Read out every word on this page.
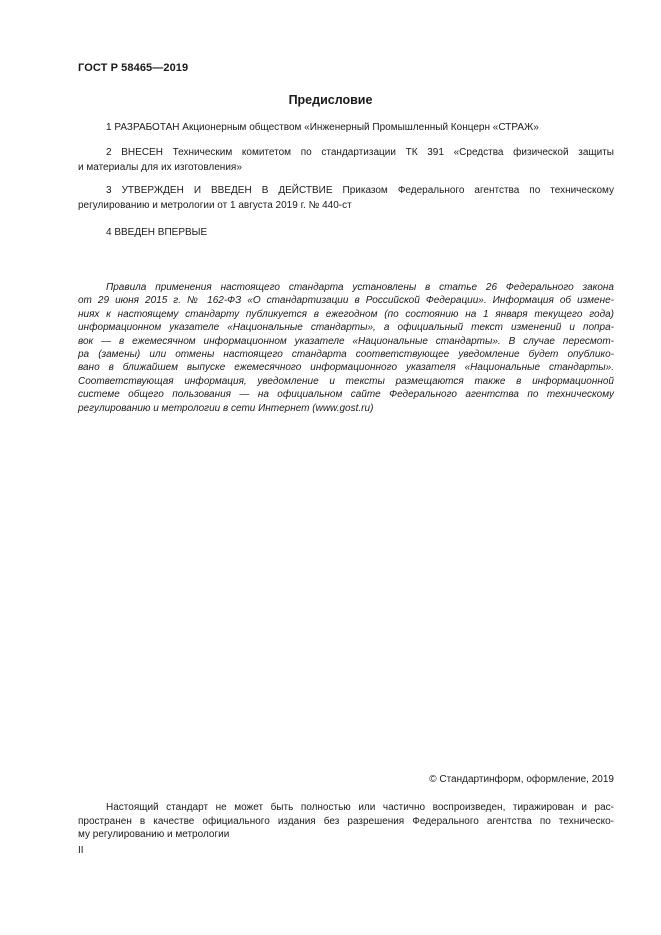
ГОСТ Р 58465—2019
Предисловие
1 РАЗРАБОТАН Акционерным обществом «Инженерный Промышленный Концерн «СТРАЖ»
2 ВНЕСЕН Техническим комитетом по стандартизации ТК 391 «Средства физической защиты
и материалы для их изготовления»
3 УТВЕРЖДЕН И ВВЕДЕН В ДЕЙСТВИЕ Приказом Федерального агентства по техническому
регулированию и метрологии от 1 августа 2019 г. № 440-ст
4 ВВЕДЕН ВПЕРВЫЕ
Правила применения настоящего стандарта установлены в статье 26 Федерального закона
от 29 июня 2015 г. № 162-ФЗ «О стандартизации в Российской Федерации». Информация об измене-
ниях к настоящему стандарту публикуется в ежегодном (по состоянию на 1 января текущего года)
информационном указателе «Национальные стандарты», а официальный текст изменений и попра-
вок — в ежемесячном информационном указателе «Национальные стандарты». В случае пересмот-
ра (замены) или отмены настоящего стандарта соответствующее уведомление будет опублико-
вано в ближайшем выпуске ежемесячного информационного указателя «Национальные стандарты».
Соответствующая информация, уведомление и тексты размещаются также в информационной
системе общего пользования — на официальном сайте Федерального агентства по техническому
регулированию и метрологии в сети Интернет (www.gost.ru)
© Стандартинформ, оформление, 2019
Настоящий стандарт не может быть полностью или частично воспроизведен, тиражирован и рас-
пространен в качестве официального издания без разрешения Федерального агентства по техническо-
му регулированию и метрологии
II
